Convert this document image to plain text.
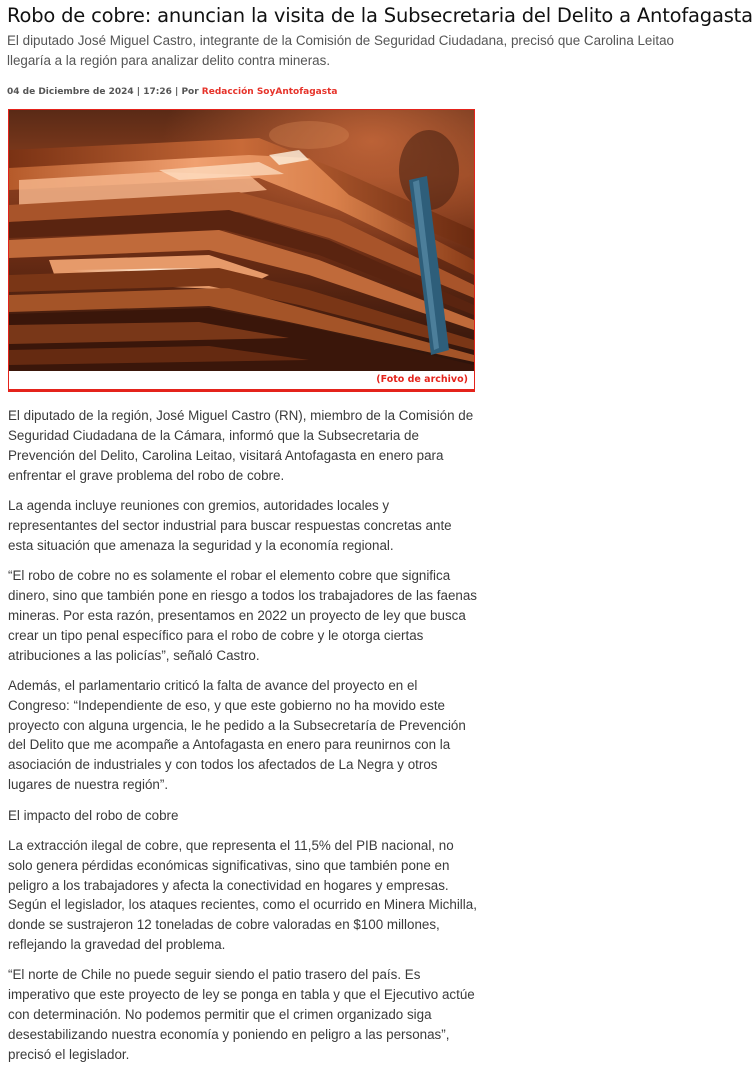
Robo de cobre: anuncian la visita de la Subsecretaria del Delito a Antofagasta

El diputado José Miguel Castro, integrante de la Comisión de Seguridad Ciudadana, precisó que Carolina Leitao llegaría a la región para analizar delito contra mineras.

04 de Diciembre de 2024 | 17:26 | Por Redacción SoyAntofagasta
(Foto de archivo)

El diputado de la región, José Miguel Castro (RN), miembro de la Comisión de Seguridad Ciudadana de la Cámara, informó que la Subsecretaria de Prevención del Delito, Carolina Leitao, visitará Antofagasta en enero para enfrentar el grave problema del robo de cobre.

La agenda incluye reuniones con gremios, autoridades locales y representantes del sector industrial para buscar respuestas concretas ante esta situación que amenaza la seguridad y la economía regional.

“El robo de cobre no es solamente el robar el elemento cobre que significa dinero, sino que también pone en riesgo a todos los trabajadores de las faenas mineras. Por esta razón, presentamos en 2022 un proyecto de ley que busca crear un tipo penal específico para el robo de cobre y le otorga ciertas atribuciones a las policías”, señaló Castro.

Además, el parlamentario criticó la falta de avance del proyecto en el Congreso: “Independiente de eso, y que este gobierno no ha movido este proyecto con alguna urgencia, le he pedido a la Subsecretaría de Prevención del Delito que me acompañe a Antofagasta en enero para reunirnos con la asociación de industriales y con todos los afectados de La Negra y otros lugares de nuestra región”.

El impacto del robo de cobre

La extracción ilegal de cobre, que representa el 11,5% del PIB nacional, no solo genera pérdidas económicas significativas, sino que también pone en peligro a los trabajadores y afecta la conectividad en hogares y empresas. Según el legislador, los ataques recientes, como el ocurrido en Minera Michilla, donde se sustrajeron 12 toneladas de cobre valoradas en $100 millones, reflejando la gravedad del problema.

“El norte de Chile no puede seguir siendo el patio trasero del país. Es imperativo que este proyecto de ley se ponga en tabla y que el Ejecutivo actúe con determinación. No podemos permitir que el crimen organizado siga desestabilizando nuestra economía y poniendo en peligro a las personas”, precisó el legislador.
